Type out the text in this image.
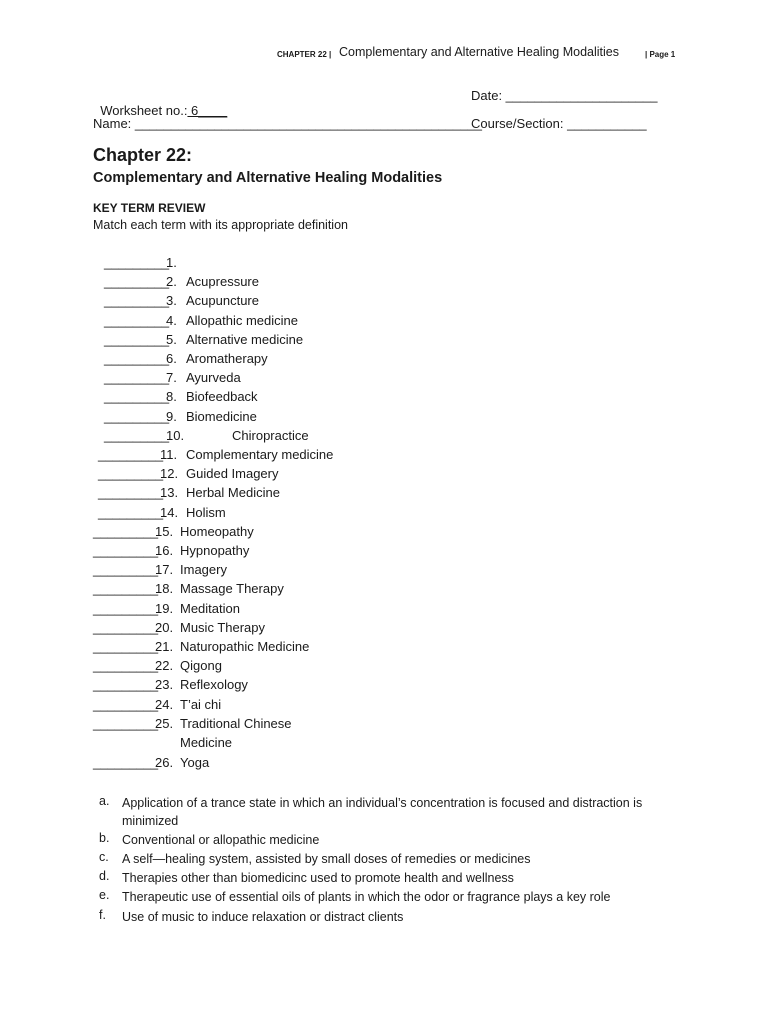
CHAPTER 22 | Complementary and Alternative Healing Modalities	| Page 1

Worksheet no.: 6____

Date: _____________________
Name: ________________________________________________
Course/Section: ___________
Chapter 22:
Complementary and Alternative Healing Modalities
KEY TERM REVIEW
Match each term with its appropriate definition
_________
1.
_________
2. Acupressure
_________
3. Acupuncture
_________
4. Allopathic medicine
_________
5. Alternative medicine
_________
6. Aromatherapy
_________
7. Ayurveda
_________
8. Biofeedback
_________
9. Biomedicine
_________
10.	Chiropractice
_________
11. Complementary medicine
_________
12. Guided Imagery
_________
13. Herbal Medicine
_________
14. Holism
_________
15. Homeopathy
_________
16. Hypnopathy
_________
17. Imagery
_________
18. Massage Therapy
_________
19. Meditation
_________
20. Music Therapy
_________
21. Naturopathic Medicine
_________
22. Qigong
_________
23. Reflexology
_________
24. T’ai chi
_________
25. Traditional Chinese
Medicine
_________
26. Yoga
a. Application of a trance state in which an individual’s concentration is focused and distraction is minimized
b. Conventional or allopathic medicine
c. A self—healing system, assisted by small doses of remedies or medicines
d. Therapies other than biomedicinc used to promote health and wellness
e. Therapeutic use of essential oils of plants in which the odor or fragrance plays a key role
f. Use of music to induce relaxation or distract clients
